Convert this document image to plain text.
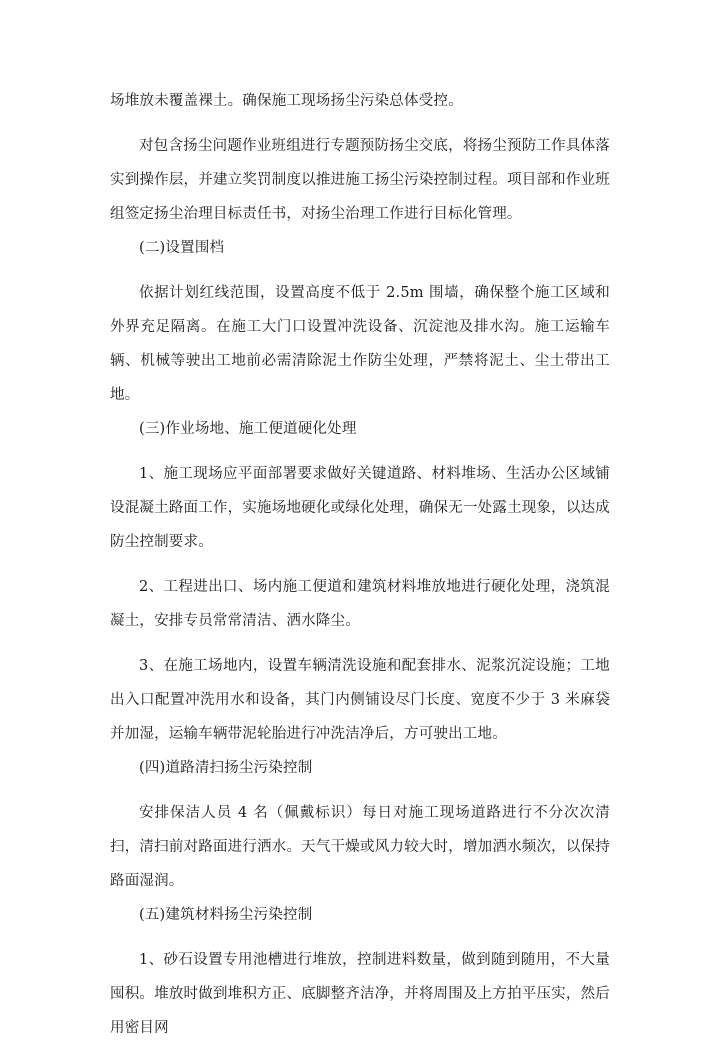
场堆放未覆盖裸土。确保施工现场扬尘污染总体受控。

对包含扬尘问题作业班组进行专题预防扬尘交底，将扬尘预防工作具体落实到操作层，并建立奖罚制度以推进施工扬尘污染控制过程。项目部和作业班组签定扬尘治理目标责任书，对扬尘治理工作进行目标化管理。

(二)设置围档

依据计划红线范围，设置高度不低于 2.5m 围墙，确保整个施工区域和外界充足隔离。在施工大门口设置冲洗设备、沉淀池及排水沟。施工运输车辆、机械等驶出工地前必需清除泥土作防尘处理，严禁将泥土、尘土带出工地。

(三)作业场地、施工便道硬化处理

1、施工现场应平面部署要求做好关键道路、材料堆场、生活办公区域铺设混凝土路面工作，实施场地硬化或绿化处理，确保无一处露土现象，以达成防尘控制要求。

2、工程进出口、场内施工便道和建筑材料堆放地进行硬化处理，浇筑混凝土，安排专员常常清洁、洒水降尘。

3、在施工场地内，设置车辆清洗设施和配套排水、泥浆沉淀设施；工地出入口配置冲洗用水和设备，其门内侧铺设尽门长度、宽度不少于 3 米麻袋并加湿，运输车辆带泥轮胎进行冲洗洁净后，方可驶出工地。

(四)道路清扫扬尘污染控制

安排保洁人员 4 名（佩戴标识）每日对施工现场道路进行不分次次清扫，清扫前对路面进行洒水。天气干燥或风力较大时，增加洒水频次，以保持路面湿润。

(五)建筑材料扬尘污染控制

1、砂石设置专用池槽进行堆放，控制进料数量，做到随到随用，不大量囤积。堆放时做到堆积方正、底脚整齐洁净，并将周围及上方拍平压实，然后用密目网
